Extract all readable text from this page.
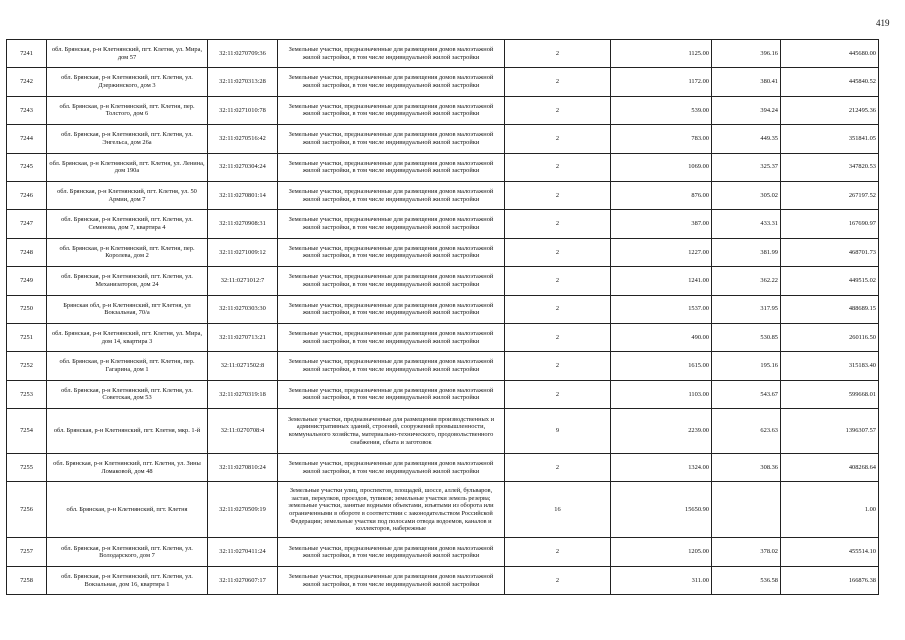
419
7241	обл. Брянская, р-н Клетнянский, пгт. Клетня, ул. Мира, дом 57	32:11:0270709:36	Земельные участки, предназначенные для размещения домов малоэтажной жилой застройки, в том числе индивидуальной жилой застройки	2	1125.00	396.16	445680.00
7242	обл. Брянская, р-н Клетнянский, пгт. Клетня, ул. Дзержинского, дом 3	32:11:0270313:28	Земельные участки, предназначенные для размещения домов малоэтажной жилой застройки, в том числе индивидуальной жилой застройки	2	1172.00	380.41	445840.52
7243	обл. Брянская, р-н Клетнянский, пгт. Клетня, пер. Толстого, дом 6	32:11:0271010:78	Земельные участки, предназначенные для размещения домов малоэтажной жилой застройки, в том числе индивидуальной жилой застройки	2	539.00	394.24	212495.36
7244	обл. Брянская, р-н Клетнянский, пгт. Клетня, ул. Энгельса, дом 26а	32:11:0270516:42	Земельные участки, предназначенные для размещения домов малоэтажной жилой застройки, в том числе индивидуальной жилой застройки	2	783.00	449.35	351841.05
7245	обл. Брянская, р-н Клетнянский, пгт. Клетня, ул. Ленина, дом 190а	32:11:0270304:24	Земельные участки, предназначенные для размещения домов малоэтажной жилой застройки, в том числе индивидуальной жилой застройки	2	1069.00	325.37	347820.53
7246	обл. Брянская, р-н Клетнянский, пгт. Клетня, ул. 50 Армии, дом 7	32:11:0270801:14	Земельные участки, предназначенные для размещения домов малоэтажной жилой застройки, в том числе индивидуальной жилой застройки	2	876.00	305.02	267197.52
7247	обл. Брянская, р-н Клетнянский, пгт. Клетня, ул. Семенова, дом 7, квартира 4	32:11:0270908:31	Земельные участки, предназначенные для размещения домов малоэтажной жилой застройки, в том числе индивидуальной жилой застройки	2	387.00	433.31	167690.97
7248	обл. Брянская, р-н Клетнянский, пгт. Клетня, пер. Королева, дом 2	32:11:0271009:12	Земельные участки, предназначенные для размещения домов малоэтажной жилой застройки, в том числе индивидуальной жилой застройки	2	1227.00	381.99	468701.73
7249	обл. Брянская, р-н Клетнянский, пгт. Клетня, ул. Механизаторов, дом 24	32:11:0271012:7	Земельные участки, предназначенные для размещения домов малоэтажной жилой застройки, в том числе индивидуальной жилой застройки	2	1241.00	362.22	449515.02
7250	Брянская обл, р-н Клетнянский, пгт Клетня, ул Вокзальная, 70/а	32:11:0270303:30	Земельные участки, предназначенные для размещения домов малоэтажной жилой застройки, в том числе индивидуальной жилой застройки	2	1537.00	317.95	488689.15
7251	обл. Брянская, р-н Клетнянский, пгт. Клетня, ул. Мира, дом 14, квартира 3	32:11:0270713:21	Земельные участки, предназначенные для размещения домов малоэтажной жилой застройки, в том числе индивидуальной жилой застройки	2	490.00	530.85	260116.50
7252	обл. Брянская, р-н Клетнянский, пгт. Клетня, пер. Гагарина, дом 1	32:11:0271502:8	Земельные участки, предназначенные для размещения домов малоэтажной жилой застройки, в том числе индивидуальной жилой застройки	2	1615.00	195.16	315183.40
7253	обл. Брянская, р-н Клетнянский, пгт. Клетня, ул. Советская, дом 53	32:11:0270319:18	Земельные участки, предназначенные для размещения домов малоэтажной жилой застройки, в том числе индивидуальной жилой застройки	2	1103.00	543.67	599668.01
7254	обл. Брянская, р-н Клетнянский, пгт. Клетня, мкр. 1-й	32:11:0270708:4	Земельные участки, предназначенные для размещения производственных и административных зданий, строений, сооружений промышленности, коммунального хозяйства, материально-технического, продовольственного снабжения, сбыта и заготовок	9	2239.00	623.63	1396307.57
7255	обл. Брянская, р-н Клетнянский, пгт. Клетня, ул. Зины Ломаковой, дом 48	32:11:0270810:24	Земельные участки, предназначенные для размещения домов малоэтажной жилой застройки, в том числе индивидуальной жилой застройки	2	1324.00	308.36	408268.64
7256	обл. Брянская, р-н Клетнянский, пгт. Клетня	32:11:0270509:19	Земельные участки улиц, проспектов, площадей, шоссе, аллей, бульваров, застав, переулков, проездов, тупиков; земельные участки земель резерва; земельные участки, занятые водными объектами, изъятыми из оборота или ограниченными в обороте в соответствии с законодательством Российской Федерации; земельные участки под полосами отвода водоемов, каналов и коллекторов, набережные	16	15650.90		1.00
7257	обл. Брянская, р-н Клетнянский, пгт. Клетня, ул. Володарского, дом 7	32:11:0270411:24	Земельные участки, предназначенные для размещения домов малоэтажной жилой застройки, в том числе индивидуальной жилой застройки	2	1205.00	378.02	455514.10
7258	обл. Брянская, р-н Клетнянский, пгт. Клетня, ул. Вокзальная, дом 16, квартира 1	32:11:0270607:17	Земельные участки, предназначенные для размещения домов малоэтажной жилой застройки, в том числе индивидуальной жилой застройки	2	311.00	536.58	166876.38
